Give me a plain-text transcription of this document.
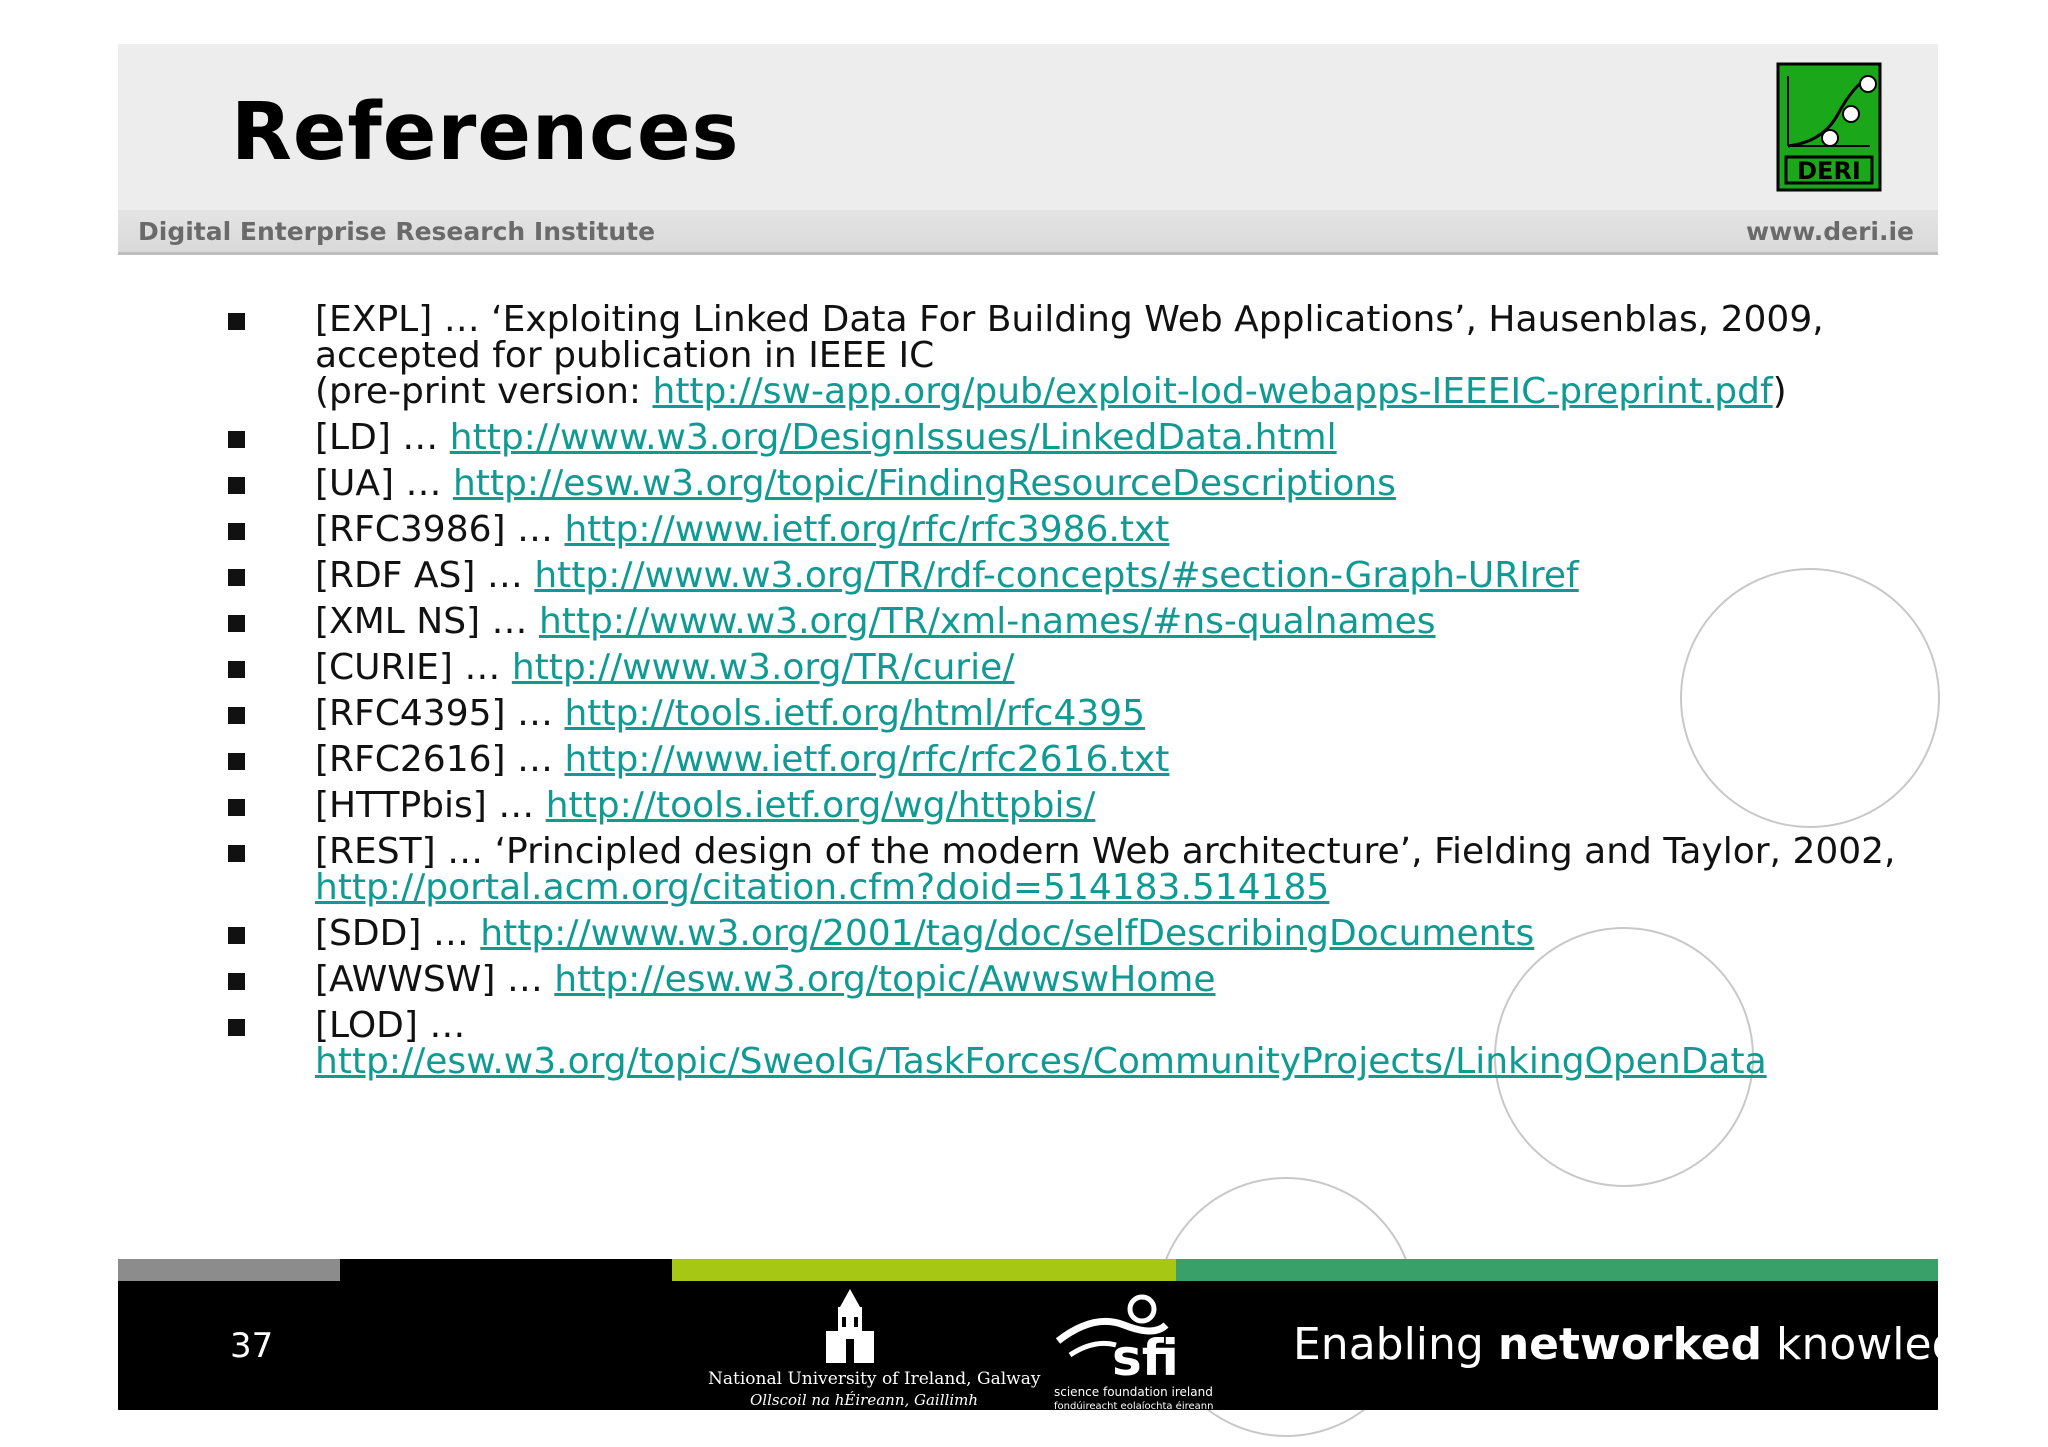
References	DERI
Digital Enterprise Research Institute	www.deri.ie
[EXPL] … ‘Exploiting Linked Data For Building Web Applications’, Hausenblas, 2009, accepted for publication in IEEE IC
(pre-print version: http://sw-app.org/pub/exploit-lod-webapps-IEEEIC-preprint.pdf)
[LD] … http://www.w3.org/DesignIssues/LinkedData.html
[UA] … http://esw.w3.org/topic/FindingResourceDescriptions
[RFC3986] … http://www.ietf.org/rfc/rfc3986.txt
[RDF AS] … http://www.w3.org/TR/rdf-concepts/#section-Graph-URIref
[XML NS] … http://www.w3.org/TR/xml-names/#ns-qualnames
[CURIE] … http://www.w3.org/TR/curie/
[RFC4395] … http://tools.ietf.org/html/rfc4395
[RFC2616] … http://www.ietf.org/rfc/rfc2616.txt
[HTTPbis] … http://tools.ietf.org/wg/httpbis/
[REST] … ‘Principled design of the modern Web architecture’, Fielding and Taylor, 2002, http://portal.acm.org/citation.cfm?doid=514183.514185
[SDD] … http://www.w3.org/2001/tag/doc/selfDescribingDocuments
[AWWSW] … http://esw.w3.org/topic/AwwswHome
[LOD] … http://esw.w3.org/topic/SweoIG/TaskForces/CommunityProjects/LinkingOpenData
37
National University of Ireland, Galway
Ollscoil na hÉireann, Gaillimh
sfi
science foundation ireland
fondúireacht eolaíochta éireann
Enabling networked knowledge.
